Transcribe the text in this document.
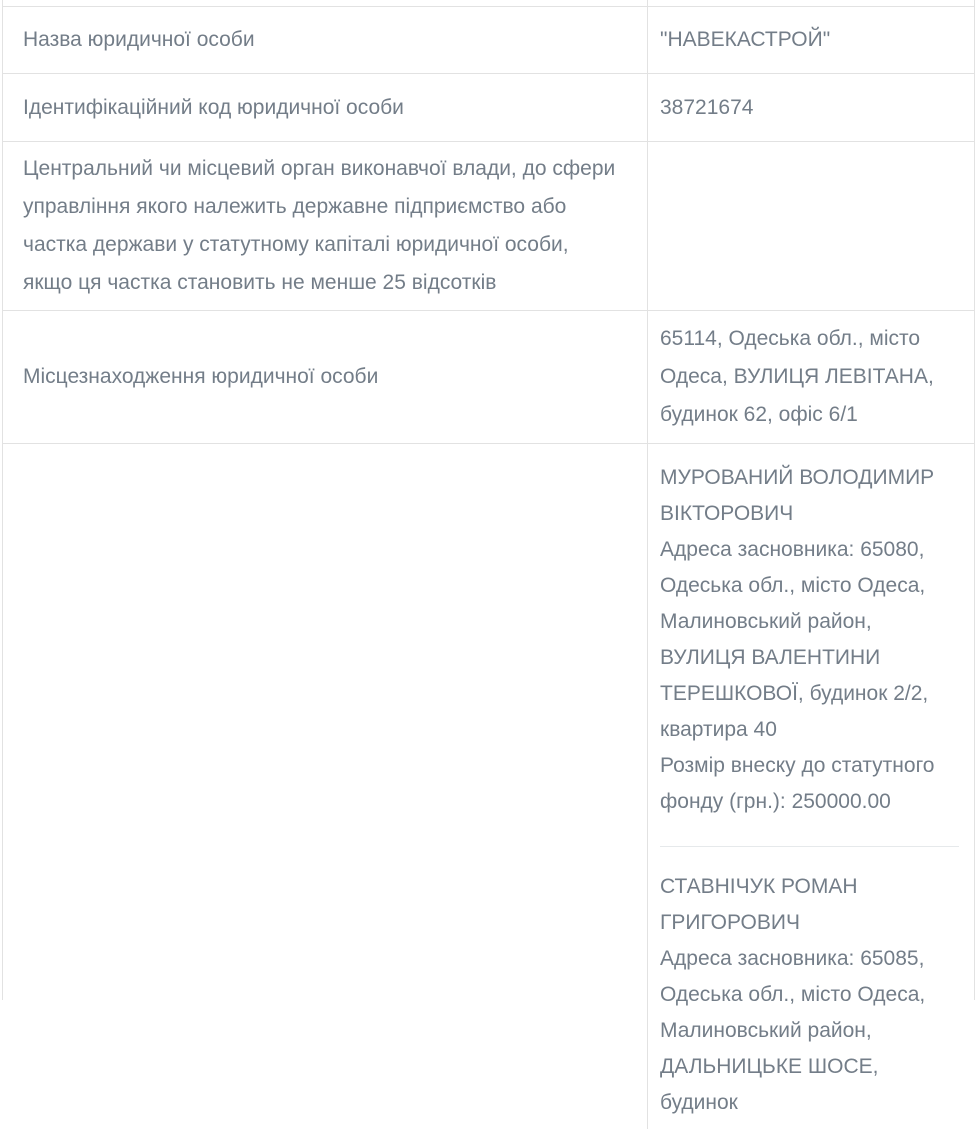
Назва юридичної особи	"НАВЕКАСТРОЙ"
Ідентифікаційний код юридичної особи	38721674
Центральний чи місцевий орган виконавчої влади, до сфери управління якого належить державне підприємство або частка держави у статутному капіталі юридичної особи, якщо ця частка становить не менше 25 відсотків
Місцезнаходження юридичної особи
65114, Одеська обл., місто Одеса, ВУЛИЦЯ ЛЕВІТАНА, будинок 62, офіс 6/1
МУРОВАНИЙ ВОЛОДИМИР ВІКТОРОВИЧ
Адреса засновника: 65080, Одеська обл., місто Одеса, Малиновський район, ВУЛИЦЯ ВАЛЕНТИНИ ТЕРЕШКОВОЇ, будинок 2/2, квартира 40
Розмір внеску до статутного фонду (грн.): 250000.00
СТАВНІЧУК РОМАН ГРИГОРОВИЧ
Адреса засновника: 65085, Одеська обл., місто Одеса, Малиновський район, ДАЛЬНИЦЬКЕ ШОСЕ, будинок
